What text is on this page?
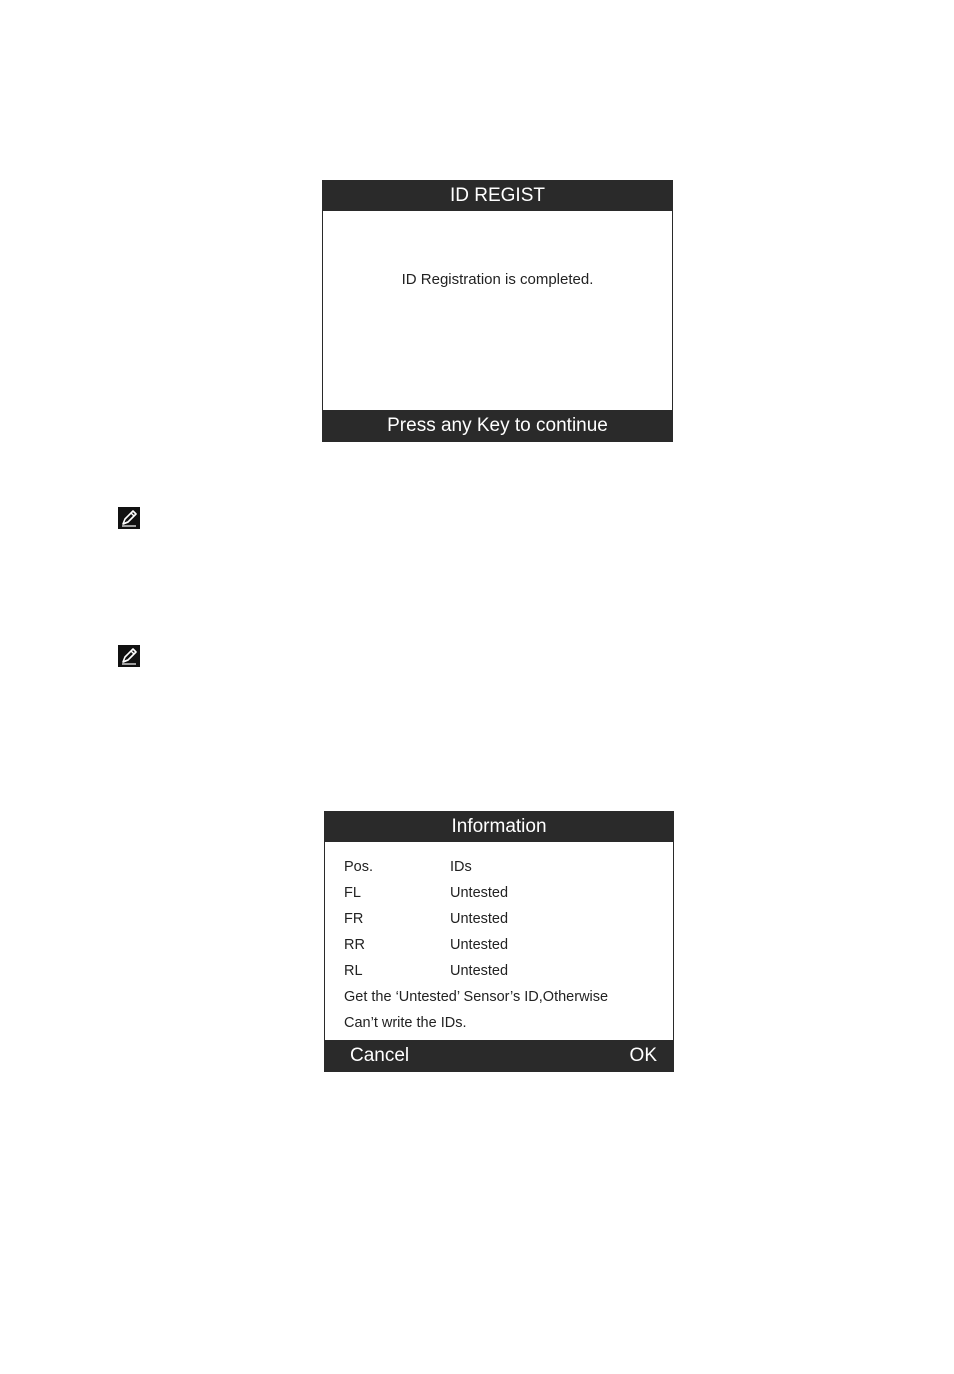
ID REGIST
ID Registration is completed.
Press any Key to continue
Information
Pos.	IDs
FL	Untested
FR	Untested
RR	Untested
RL	Untested
Get the ‘Untested’ Sensor’s ID,Otherwise
Can’t write the IDs.
Cancel	OK
